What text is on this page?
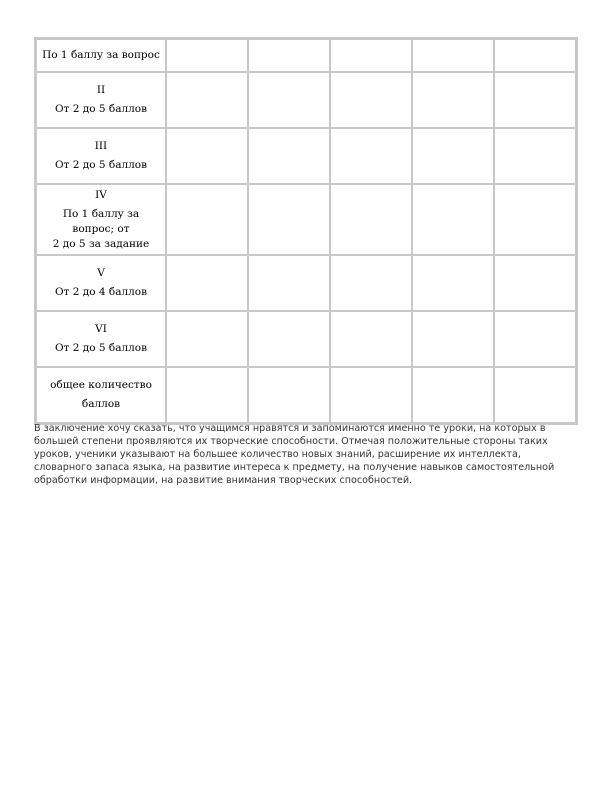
По 1 баллу за вопрос					

II
От 2 до 5 баллов					

III
От 2 до 5 баллов					

IV
По 1 баллу за вопрос; от
2 до 5 за задание					

V
От 2 до 4 баллов					

VI
От 2 до 5 баллов					

общее количество
баллов					

В заключение хочу сказать, что учащимся нравятся и запоминаются именно те уроки, на которых в большей степени проявляются их творческие способности. Отмечая положительные стороны таких уроков, ученики указывают на большее количество новых знаний, расширение их интеллекта, словарного запаса языка, на развитие интереса к предмету, на получение навыков самостоятельной обработки информации, на развитие внимания творческих способностей.
